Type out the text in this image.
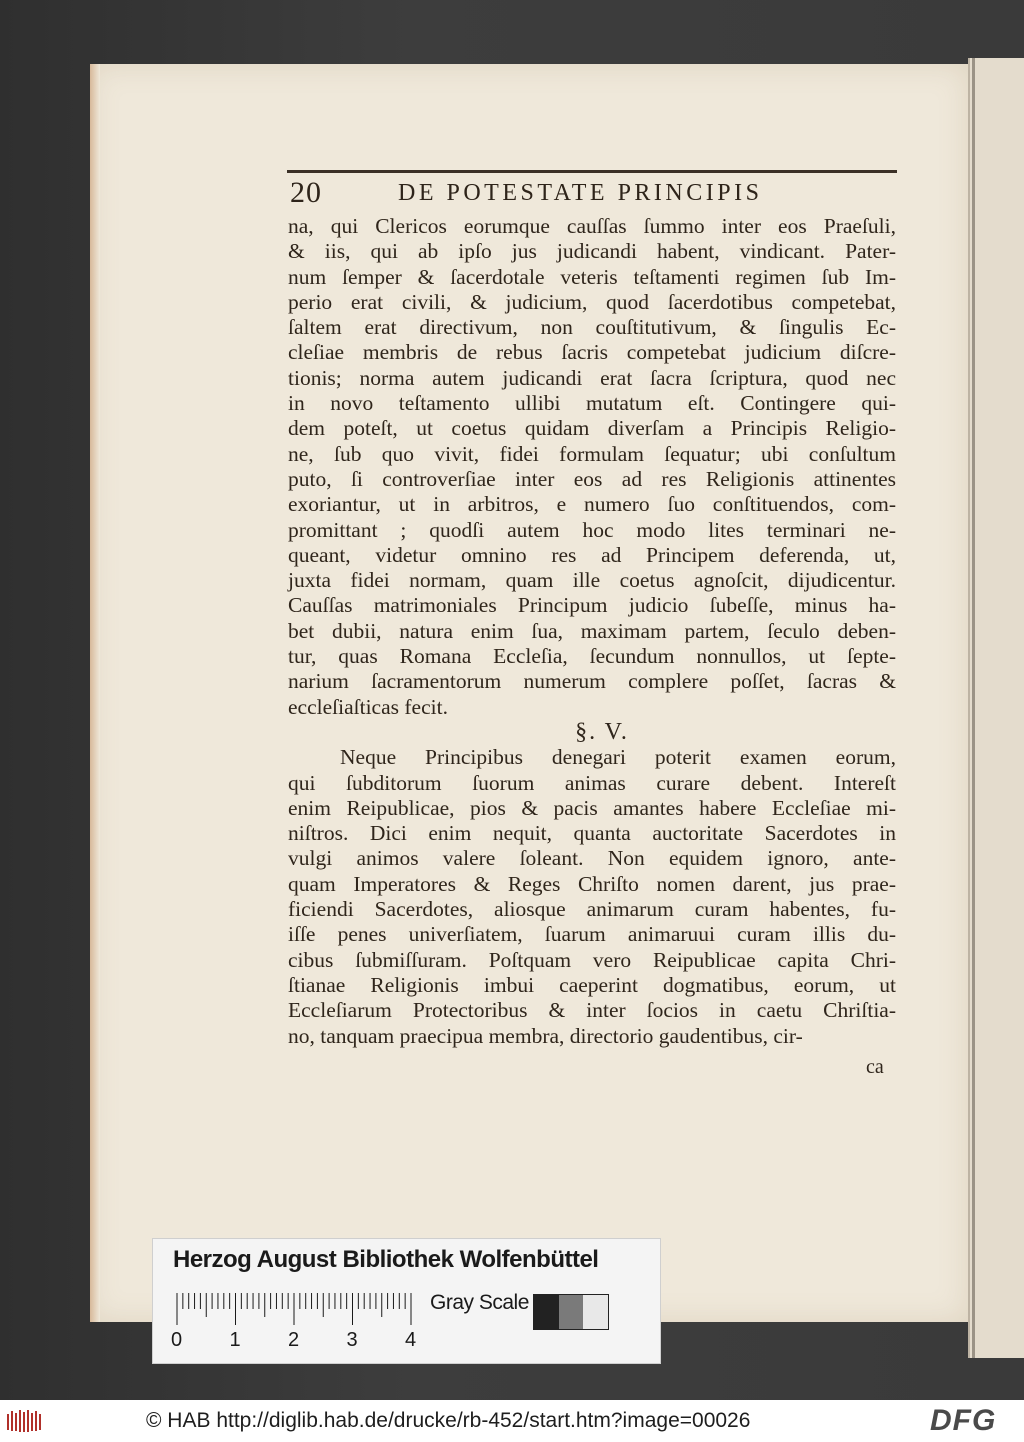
20	DE POTESTATE PRINCIPIS
na, qui Clericos eorumque cauſſas ſummo inter eos Praeſuli,
& iis, qui ab ipſo jus judicandi habent, vindicant. Pater-
num ſemper & ſacerdotale veteris teſtamenti regimen ſub Im-
perio erat civili, & judicium, quod ſacerdotibus competebat,
ſaltem erat directivum, non couſtitutivum, & ſingulis Ec-
cleſiae membris de rebus ſacris competebat judicium diſcre-
tionis; norma autem judicandi erat ſacra ſcriptura, quod nec
in novo teſtamento ullibi mutatum eſt. Contingere qui-
dem poteſt, ut coetus quidam diverſam a Principis Religio-
ne, ſub quo vivit, fidei formulam ſequatur; ubi conſultum
puto, ſi controverſiae inter eos ad res Religionis attinentes
exoriantur, ut in arbitros, e numero ſuo conſtituendos, com-
promittant ; quodſi autem hoc modo lites terminari ne-
queant, videtur omnino res ad Principem deferenda, ut,
juxta fidei normam, quam ille coetus agnoſcit, dijudicentur.
Cauſſas matrimoniales Principum judicio ſubeſſe, minus ha-
bet dubii, natura enim ſua, maximam partem, ſeculo deben-
tur, quas Romana Eccleſia, ſecundum nonnullos, ut ſepte-
narium ſacramentorum numerum complere poſſet, ſacras &
eccleſiaſticas fecit.
§. V.
Neque Principibus denegari poterit examen eorum,
qui ſubditorum ſuorum animas curare debent. Intereſt
enim Reipublicae, pios & pacis amantes habere Eccleſiae mi-
niſtros. Dici enim nequit, quanta auctoritate Sacerdotes in
vulgi animos valere ſoleant. Non equidem ignoro, ante-
quam Imperatores & Reges Chriſto nomen darent, jus prae-
ficiendi Sacerdotes, aliosque animarum curam habentes, fu-
iſſe penes univerſiatem, ſuarum animaruui curam illis du-
cibus ſubmiſſuram. Poſtquam vero Reipublicae capita Chri-
ſtianae Religionis imbui caeperint dogmatibus, eorum, ut
Eccleſiarum Protectoribus & inter ſocios in caetu Chriſtia-
no, tanquam praecipua membra, directorio gaudentibus, cir-
ca
Herzog August Bibliothek Wolfenbüttel
0 1 2 3 4
Gray Scale
© HAB http://diglib.hab.de/drucke/rb-452/start.htm?image=00026	DFG
